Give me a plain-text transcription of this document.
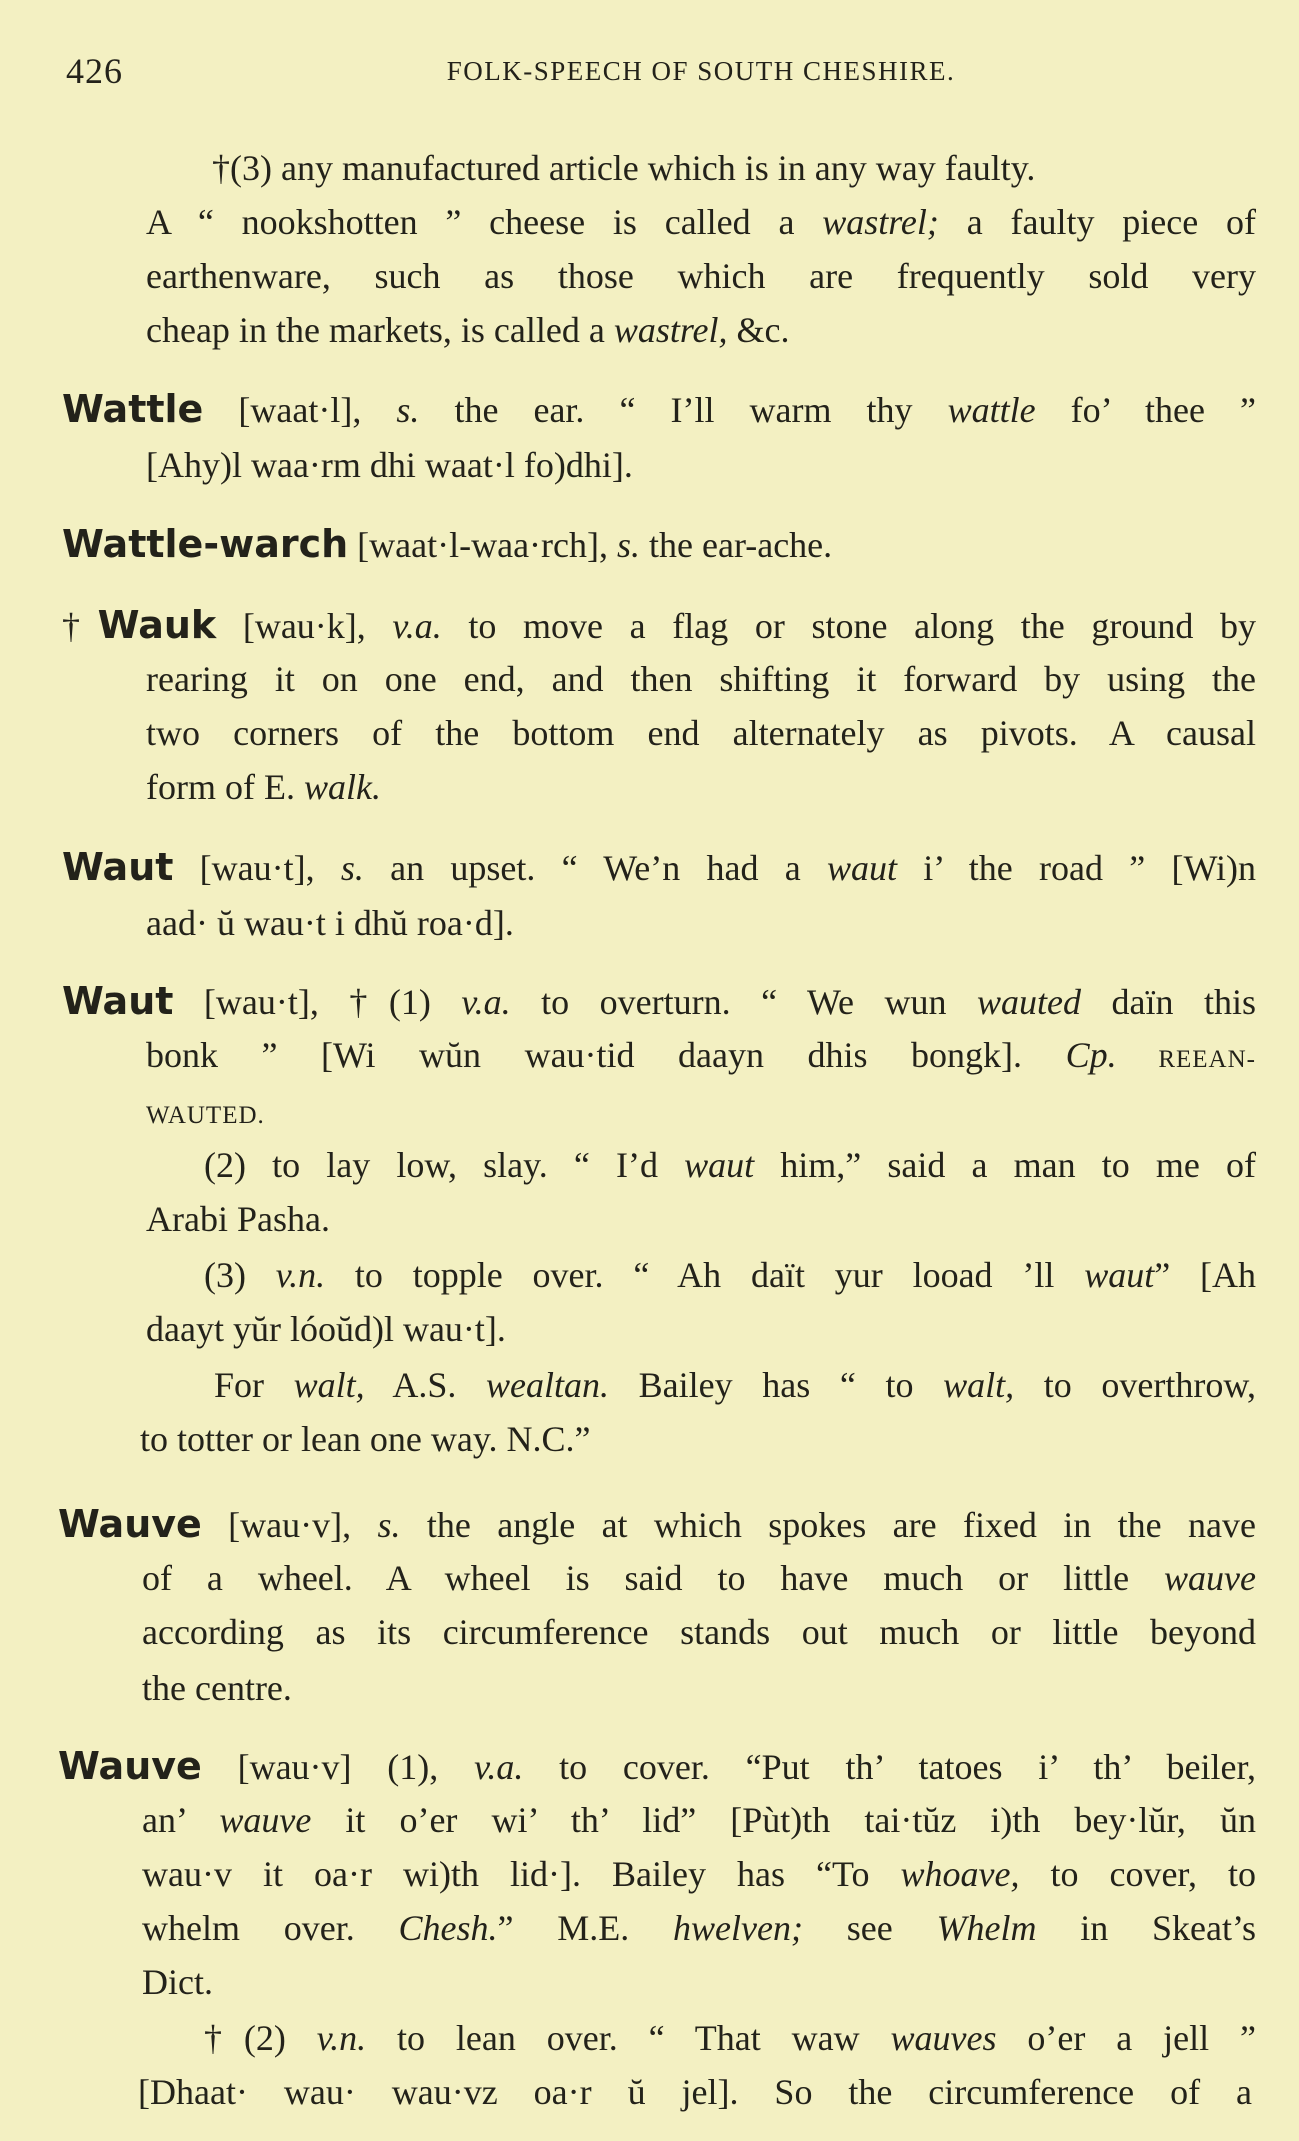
426	FOLK-SPEECH OF SOUTH CHESHIRE.
†(3) any manufactured article which is in any way faulty.
A “ nookshotten ” cheese is called a wastrel; a faulty piece of
earthenware, such as those which are frequently sold very
cheap in the markets, is called a wastrel, &c.
Wattle [waat·l], s. the ear. “ I’ll warm thy wattle fo’ thee ”
[Ahy)l waa·rm dhi waat·l fo)dhi].
Wattle-warch [waat·l-waa·rch], s. the ear-ache.
†Wauk [wau·k], v.a. to move a flag or stone along the ground by
rearing it on one end, and then shifting it forward by using the
two corners of the bottom end alternately as pivots. A causal
form of E. walk.
Waut [wau·t], s. an upset. “ We’n had a waut i’ the road ” [Wi)n
aad· ŭ wau·t i dhŭ roa·d].
Waut [wau·t], †(1) v.a. to overturn. “ We wun wauted daïn this
bonk ” [Wi wŭn wau·tid daayn dhis bongk]. Cp. REEAN-
WAUTED.
(2) to lay low, slay. “ I’d waut him,” said a man to me of
Arabi Pasha.
(3) v.n. to topple over. “ Ah daït yur looad ’ll waut” [Ah
daayt yŭr lóoŭd)l wau·t].
For walt, A.S. wealtan. Bailey has “ to walt, to overthrow,
to totter or lean one way. N.C.”
Wauve [wau·v], s. the angle at which spokes are fixed in the nave
of a wheel. A wheel is said to have much or little wauve
according as its circumference stands out much or little beyond
the centre.
Wauve [wau·v] (1), v.a. to cover. “Put th’ tatoes i’ th’ beiler,
an’ wauve it o’er wi’ th’ lid” [Pùt)th tai·tŭz i)th bey·lŭr, ŭn
wau·v it oa·r wi)th lid·]. Bailey has “To whoave, to cover, to
whelm over. Chesh.” M.E. hwelven; see Whelm in Skeat’s
Dict.
†(2) v.n. to lean over. “ That waw wauves o’er a jell ”
[Dhaat· wau· wau·vz oa·r ŭ jel]. So the circumference of a
